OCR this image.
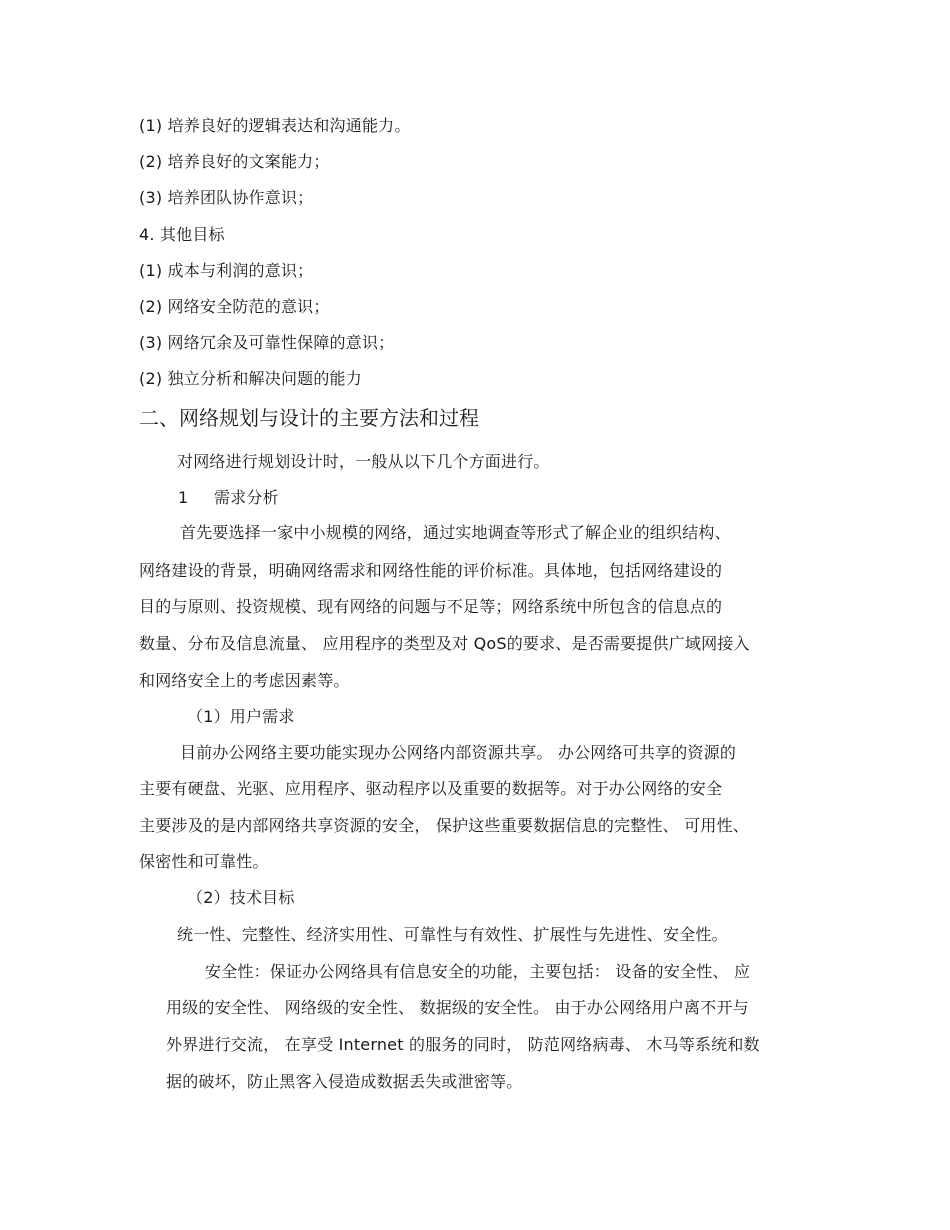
(1) 培养良好的逻辑表达和沟通能力。
(2) 培养良好的文案能力；
(3) 培养团队协作意识；
4. 其他目标
(1) 成本与利润的意识；
(2) 网络安全防范的意识；
(3) 网络冗余及可靠性保障的意识；
(2) 独立分析和解决问题的能力
二、网络规划与设计的主要方法和过程
对网络进行规划设计时，一般从以下几个方面进行。
1 需求分析
首先要选择一家中小规模的网络，通过实地调查等形式了解企业的组织结构、
网络建设的背景，明确网络需求和网络性能的评价标准。具体地，包括网络建设的
目的与原则、投资规模、现有网络的问题与不足等；网络系统中所包含的信息点的
数量、分布及信息流量、 应用程序的类型及对 QoS的要求、是否需要提供广域网接入
和网络安全上的考虑因素等。
（1）用户需求
目前办公网络主要功能实现办公网络内部资源共享。 办公网络可共享的资源的
主要有硬盘、光驱、应用程序、驱动程序以及重要的数据等。对于办公网络的安全
主要涉及的是内部网络共享资源的安全， 保护这些重要数据信息的完整性、 可用性、
保密性和可靠性。
（2）技术目标
统一性、完整性、经济实用性、可靠性与有效性、扩展性与先进性、安全性。
安全性：保证办公网络具有信息安全的功能，主要包括： 设备的安全性、 应
用级的安全性、 网络级的安全性、 数据级的安全性。 由于办公网络用户离不开与
外界进行交流， 在享受 Internet 的服务的同时， 防范网络病毒、 木马等系统和数
据的破坏，防止黑客入侵造成数据丢失或泄密等。
